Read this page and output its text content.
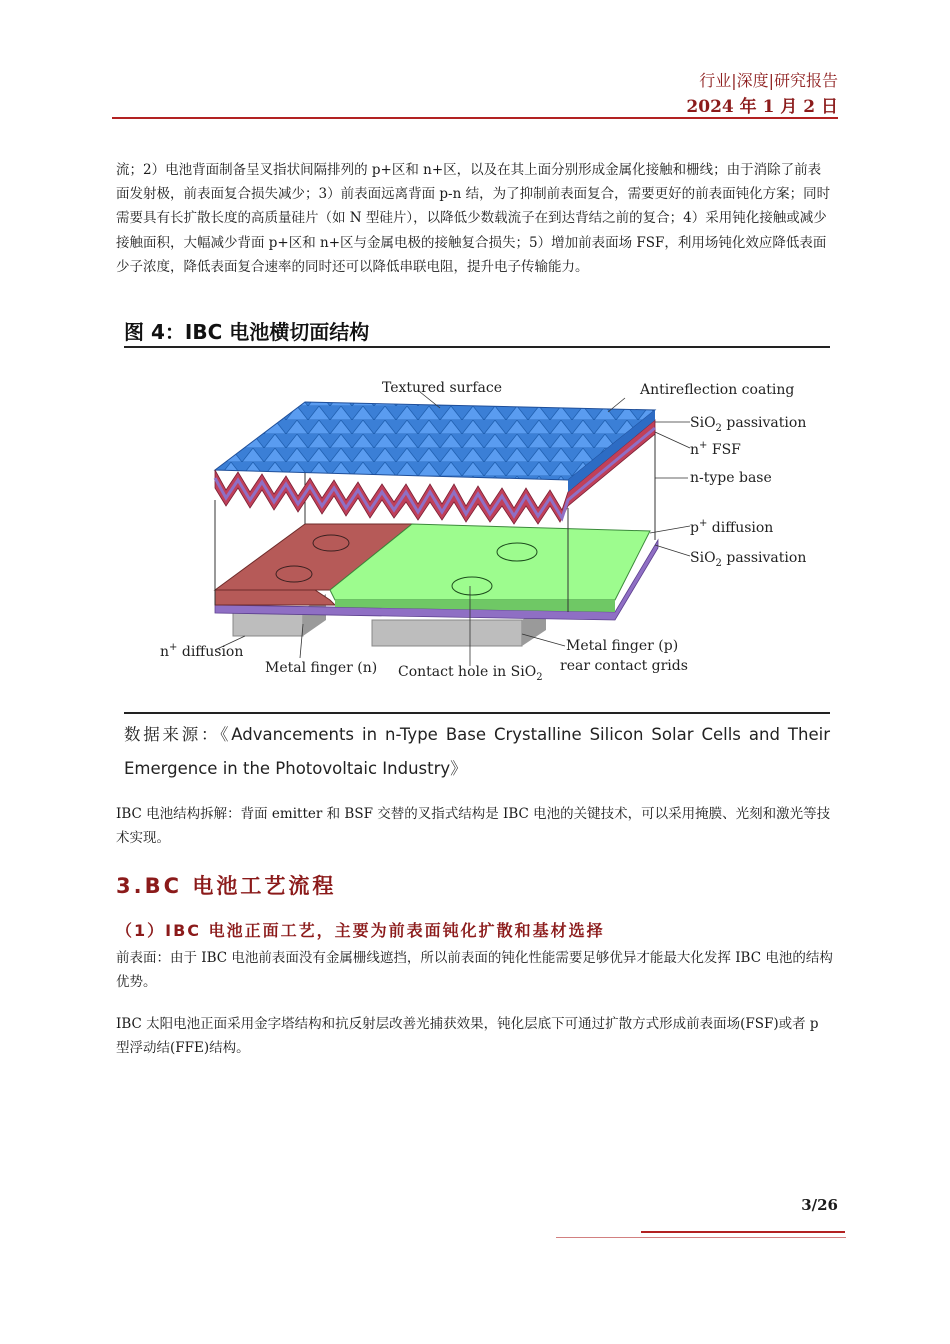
行业|深度|研究报告
2024 年 1 月 2 日
流；2）电池背面制备呈叉指状间隔排列的 p+区和 n+区，以及在其上面分别形成金属化接触和栅线；由于消除了前表面发射极，前表面复合损失减少；3）前表面远离背面 p-n 结，为了抑制前表面复合，需要更好的前表面钝化方案；同时需要具有长扩散长度的高质量硅片（如 N 型硅片），以降低少数载流子在到达背结之前的复合；4）采用钝化接触或减少接触面积，大幅减少背面 p+区和 n+区与金属电极的接触复合损失；5）增加前表面场 FSF，利用场钝化效应降低表面少子浓度，降低表面复合速率的同时还可以降低串联电阻，提升电子传输能力。
图 4：IBC 电池横切面结构
Textured surface	Antireflection coating
SiO$_2$ passivation
n+ FSF
n-type base
p+ diffusion
SiO$_2$ passivation
n+ diffusion
Metal finger (n) Contact hole in SiO$_2$
Metal finger (p)
rear contact grids
数据来源：《Advancements in n-Type Base Crystalline Silicon Solar Cells and Their Emergence in the Photovoltaic Industry》
IBC 电池结构拆解：背面 emitter 和 BSF 交替的叉指式结构是 IBC 电池的关键技术，可以采用掩膜、光刻和激光等技术实现。
3.BC 电池工艺流程
（1）IBC 电池正面工艺，主要为前表面钝化扩散和基材选择
前表面：由于 IBC 电池前表面没有金属栅线遮挡，所以前表面的钝化性能需要足够优异才能最大化发挥 IBC 电池的结构优势。
IBC 太阳电池正面采用金字塔结构和抗反射层改善光捕获效果，钝化层底下可通过扩散方式形成前表面场(FSF)或者 p 型浮动结(FFE)结构。
3/26
